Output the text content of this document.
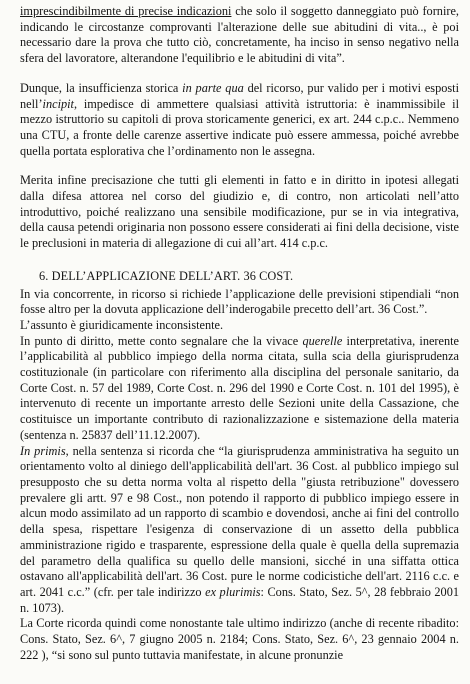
imprescindibilmente di precise indicazioni che solo il soggetto danneggiato può fornire, indicando le circostanze comprovanti l'alterazione delle sue abitudini di vita.., è poi necessario dare la prova che tutto ciò, concretamente, ha inciso in senso negativo nella sfera del lavoratore, alterandone l'equilibrio e le abitudini di vita”.

Dunque, la insufficienza storica in parte qua del ricorso, pur valido per i motivi esposti nell’incipit, impedisce di ammettere qualsiasi attività istruttoria: è inammissibile il mezzo istruttorio su capitoli di prova storicamente generici, ex art. 244 c.p.c.. Nemmeno una CTU, a fronte delle carenze assertive indicate può essere ammessa, poiché avrebbe quella portata esplorativa che l’ordinamento non le assegna.

Merita infine precisazione che tutti gli elementi in fatto e in diritto in ipotesi allegati dalla difesa attorea nel corso del giudizio e, di contro, non articolati nell’atto introduttivo, poiché realizzano una sensibile modificazione, pur se in via integrativa, della causa petendi originaria non possono essere considerati ai fini della decisione, viste le preclusioni in materia di allegazione di cui all’art. 414 c.p.c.

6. DELL’APPLICAZIONE DELL’ART. 36 COST.

In via concorrente, in ricorso si richiede l’applicazione delle previsioni stipendiali “non fosse altro per la dovuta applicazione dell’inderogabile precetto dell’art. 36 Cost.”.

L’assunto è giuridicamente inconsistente.

In punto di diritto, mette conto segnalare che la vivace querelle interpretativa, inerente l’applicabilità al pubblico impiego della norma citata, sulla scia della giurisprudenza costituzionale (in particolare con riferimento alla disciplina del personale sanitario, da Corte Cost. n. 57 del 1989, Corte Cost. n. 296 del 1990 e Corte Cost. n. 101 del 1995), è intervenuto di recente un importante arresto delle Sezioni unite della Cassazione, che costituisce un importante contributo di razionalizzazione e sistemazione della materia (sentenza n. 25837 dell’11.12.2007).

In primis, nella sentenza si ricorda che “la giurisprudenza amministrativa ha seguito un orientamento volto al diniego dell'applicabilità dell'art. 36 Cost. al pubblico impiego sul presupposto che su detta norma volta al rispetto della "giusta retribuzione" dovessero prevalere gli artt. 97 e 98 Cost., non potendo il rapporto di pubblico impiego essere in alcun modo assimilato ad un rapporto di scambio e dovendosi, anche ai fini del controllo della spesa, rispettare l'esigenza di conservazione di un assetto della pubblica amministrazione rigido e trasparente, espressione della quale è quella della supremazia del parametro della qualifica su quello delle mansioni, sicché in una siffatta ottica ostavano all'applicabilità dell'art. 36 Cost. pure le norme codicistiche dell'art. 2116 c.c. e art. 2041 c.c.” (cfr. per tale indirizzo ex plurimis: Cons. Stato, Sez. 5^, 28 febbraio 2001 n. 1073).

La Corte ricorda quindi come nonostante tale ultimo indirizzo (anche di recente ribadito: Cons. Stato, Sez. 6^, 7 giugno 2005 n. 2184; Cons. Stato, Sez. 6^, 23 gennaio 2004 n. 222 ), “si sono sul punto tuttavia manifestate, in alcune pronunzie
